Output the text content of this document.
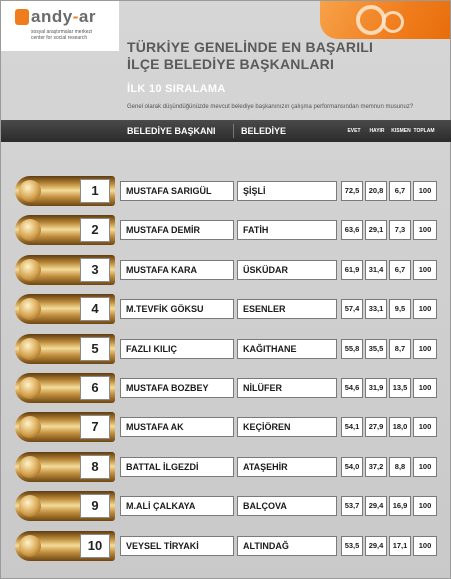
andy-ar
sosyal araştırmalar merkezi
center for social research
TÜRKİYE GENELİNDE EN BAŞARILI
İLÇE BELEDİYE BAŞKANLARI
İLK 10 SIRALAMA
Genel olarak düşündüğünüzde mevcut belediye başkanınızın çalışma performansından memnun musunuz?
BELEDİYE BAŞKANI	BELEDİYE	EVET	HAYIR	KISMEN TOPLAM
1	MUSTAFA SARIGÜL	ŞİŞLİ	72,5	20,8	6,7	100
2	MUSTAFA DEMİR	FATİH	63,6	29,1	7,3	100
3	MUSTAFA KARA	ÜSKÜDAR	61,9	31,4	6,7	100
4	M.TEVFİK GÖKSU	ESENLER	57,4	33,1	9,5	100
5	FAZLI KILIÇ	KAĞITHANE	55,8	35,5	8,7	100
6	MUSTAFA BOZBEY	NİLÜFER	54,6	31,9	13,5	100
7	MUSTAFA AK	KEÇİÖREN	54,1	27,9	18,0	100
8	BATTAL İLGEZDİ	ATAŞEHİR	54,0	37,2	8,8	100
9	M.ALİ ÇALKAYA	BALÇOVA	53,7	29,4	16,9	100
10	VEYSEL TİRYAKİ	ALTINDAĞ	53,5	29,4	17,1	100
